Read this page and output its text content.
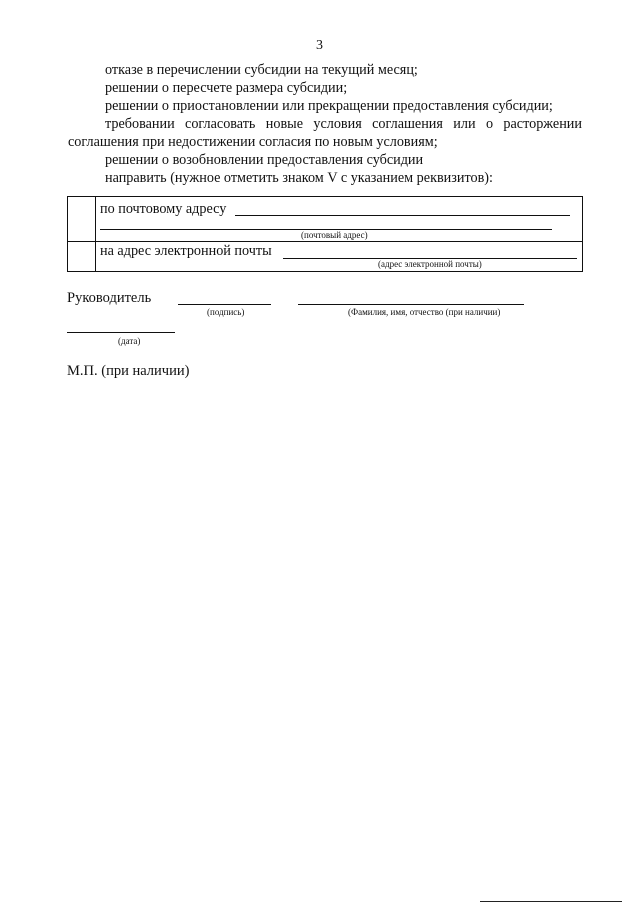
3
отказе в перечислении субсидии на текущий месяц;
решении о пересчете размера субсидии;
решении о приостановлении или прекращении предоставления субсидии;
требовании согласовать новые условия соглашения или о расторжении
соглашения при недостижении согласия по новым условиям;
решении о возобновлении предоставления субсидии
направить (нужное отметить знаком V с указанием реквизитов):
по почтовому адресу
(почтовый адрес)
на адрес электронной почты
(адрес электронной почты)
Руководитель
(подпись)	(Фамилия, имя, отчество (при наличии)
(дата)
М.П. (при наличии)
